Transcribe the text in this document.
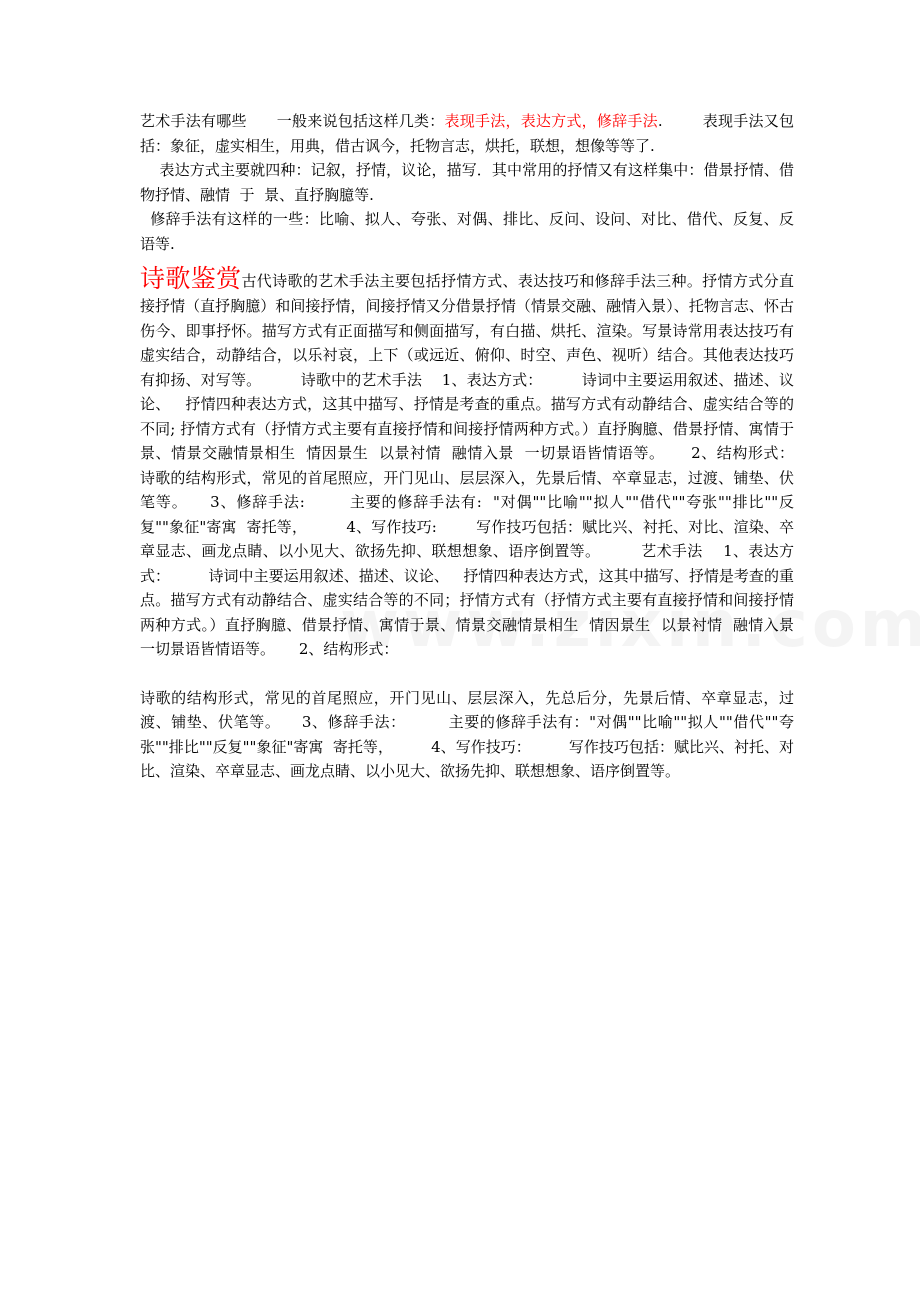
艺术手法有哪些      一般来说包括这样几类：表现手法，表达方式，修辞手法.        表现手法又包括：象征，虚实相生，用典，借古讽今，托物言志，烘托，联想，想像等等了.

表达方式主要就四种：记叙，抒情，议论，描写．其中常用的抒情又有这样集中：借景抒情、借物抒情、融情  于  景、直抒胸臆等.

修辞手法有这样的一些：比喻、拟人、夸张、对偶、排比、反问、设问、对比、借代、反复、反语等.

诗歌鉴赏古代诗歌的艺术手法主要包括抒情方式、表达技巧和修辞手法三种。抒情方式分直接抒情（直抒胸臆）和间接抒情，间接抒情又分借景抒情（情景交融、融情入景）、托物言志、怀古伤今、即事抒怀。描写方式有正面描写和侧面描写，有白描、烘托、渲染。写景诗常用表达技巧有虚实结合，动静结合，以乐衬哀，上下（或远近、俯仰、时空、声色、视听）结合。其他表达技巧有抑扬、对写等。        诗歌中的艺术手法    1、表达方式：        诗词中主要运用叙述、描述、议论、   抒情四种表达方式，这其中描写、抒情是考查的重点。描写方式有动静结合、虚实结合等的不同; 抒情方式有（抒情方式主要有直接抒情和间接抒情两种方式。）直抒胸臆、借景抒情、寓情于景、情景交融情景相生  情因景生  以景衬情  融情入景  一切景语皆情语等。     2、结构形式：        诗歌的结构形式，常见的首尾照应，开门见山、层层深入，先景后情、卒章显志，过渡、铺垫、伏笔等。    3、修辞手法:        主要的修辞手法有:  "对偶""比喻""拟人""借代""夸张""排比""反复""象征"寄寓  寄托等，        4、写作技巧:        写作技巧包括：赋比兴、衬托、对比、渲染、卒章显志、画龙点睛、以小见大、欲扬先抑、联想想象、语序倒置等。        艺术手法    1、表达方式：        诗词中主要运用叙述、描述、议论、   抒情四种表达方式，这其中描写、抒情是考查的重点。描写方式有动静结合、虚实结合等的不同；抒情方式有（抒情方式主要有直接抒情和间接抒情两种方式。）直抒胸臆、借景抒情、寓情于景、情景交融情景相生  情因景生  以景衬情  融情入景  一切景语皆情语等。     2、结构形式：

诗歌的结构形式，常见的首尾照应，开门见山、层层深入，先总后分，先景后情、卒章显志，过渡、铺垫、伏笔等。    3、修辞手法：        主要的修辞手法有："对偶""比喻""拟人""借代""夸张""排比""反复""象征"寄寓  寄托等，        4、写作技巧：        写作技巧包括：赋比兴、衬托、对比、渲染、卒章显志、画龙点睛、以小见大、欲扬先抑、联想想象、语序倒置等。
